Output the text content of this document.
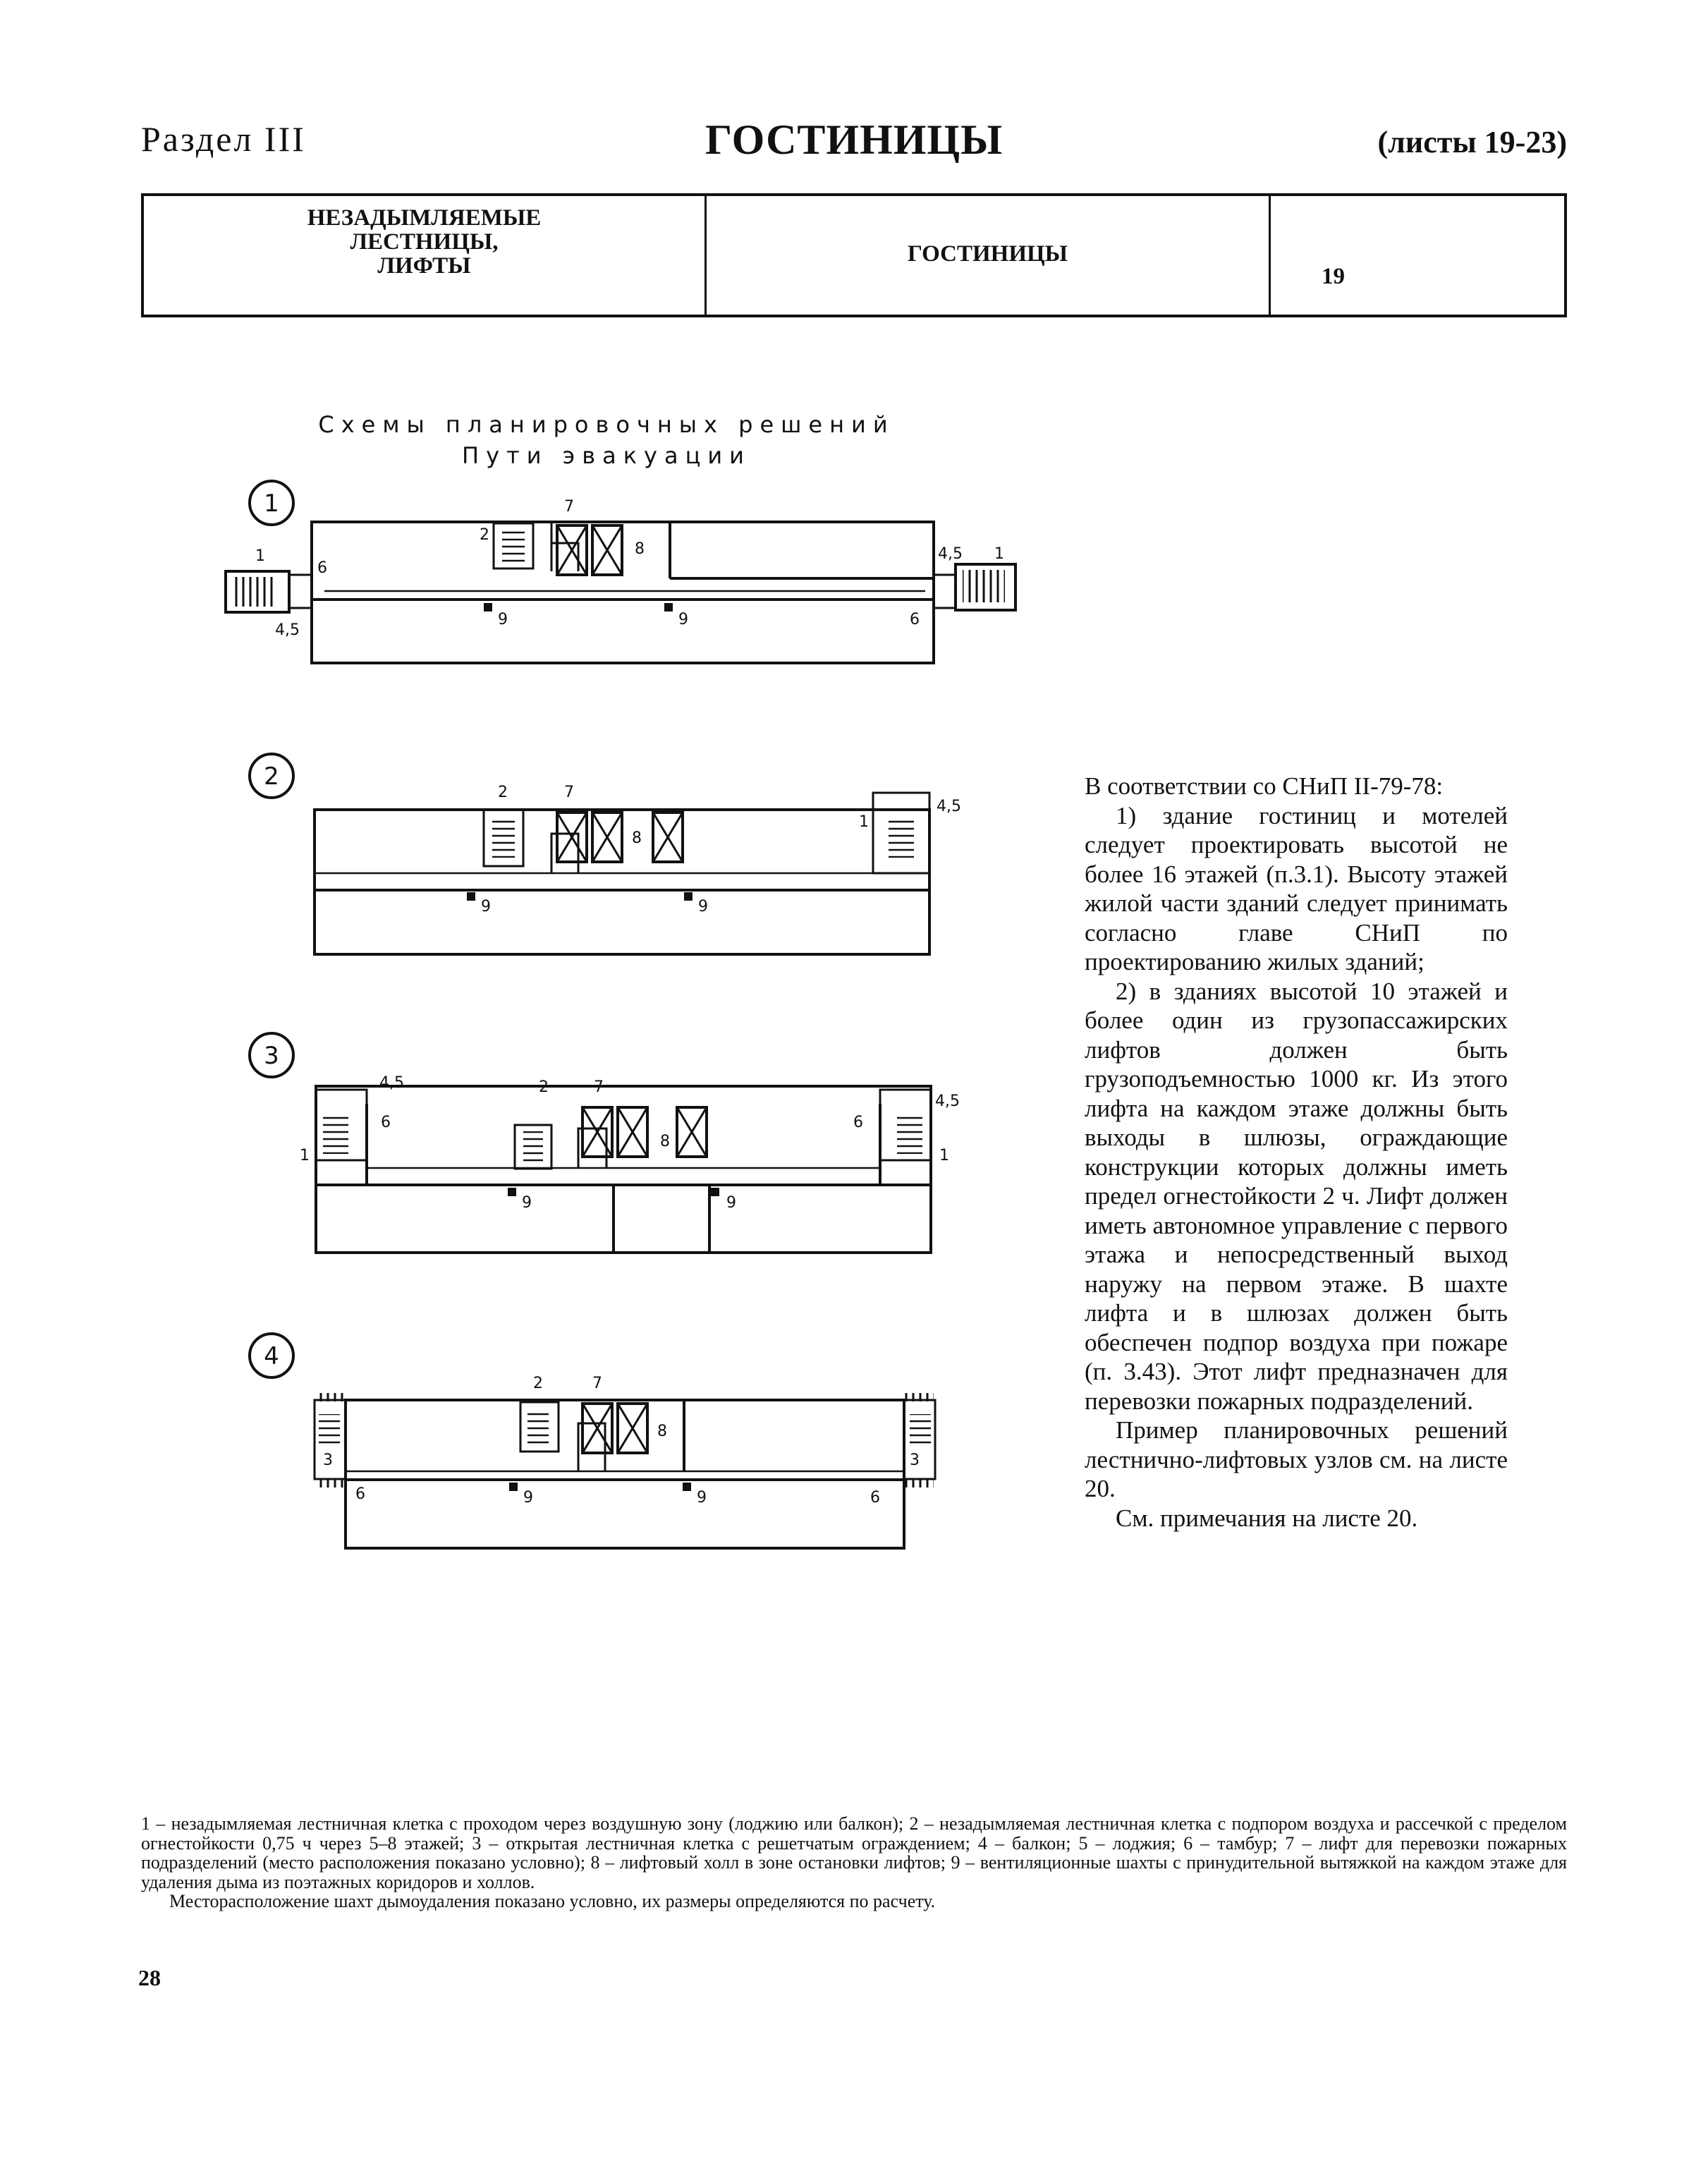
Раздел III	ГОСТИНИЦЫ	(листы 19-23)
НЕЗАДЫМЛЯЕМЫЕ
ЛЕСТНИЦЫ,
ЛИФТЫ	ГОСТИНИЦЫ
19
Схемы планировочных решений
Пути эвакуации
1
1
6
4,5
2
7
8
9	9	6
4,5 1
2
2	7
8
1
4,5
9	9
3
1
4,5
6
2	7
8
6
4,5
1
9	9
4
3	3
6	6
2	7
8
9	9

В соответствии со СНиП II-79-78:

1) здание гостиниц и мотелей следует проектировать высотой не более 16 этажей (п.3.1). Высоту этажей жилой части зданий следует принимать согласно главе СНиП по проектированию жилых зданий;

2) в зданиях высотой 10 этажей и более один из грузопассажирских лифтов должен быть грузоподъемностью 1000 кг. Из этого лифта на каждом этаже должны быть выходы в шлюзы, ограждающие конструкции которых должны иметь предел огнестойкости 2 ч. Лифт должен иметь автономное управление с первого этажа и непосредственный выход наружу на первом этаже. В шахте лифта и в шлюзах должен быть обеспечен подпор воздуха при пожаре (п. 3.43). Этот лифт предназначен для перевозки пожарных подразделений.

Пример планировочных решений лестнично-лифтовых узлов см. на листе 20.

См. примечания на листе 20.

1 – незадымляемая лестничная клетка с проходом через воздушную зону (лоджию или балкон); 2 – незадымляемая лестничная клетка с подпором воздуха и рассечкой с пределом огнестойкости 0,75 ч через 5–8 этажей; 3 – открытая лестничная клетка с решетчатым ограждением; 4 – балкон; 5 – лоджия; 6 – тамбур; 7 – лифт для перевозки пожарных подразделений (место расположения показано условно); 8 – лифтовый холл в зоне остановки лифтов; 9 – вентиляционные шахты с принудительной вытяжкой на каждом этаже для удаления дыма из поэтажных коридоров и холлов.

Месторасположение шахт дымоудаления показано условно, их размеры определяются по расчету.

28
